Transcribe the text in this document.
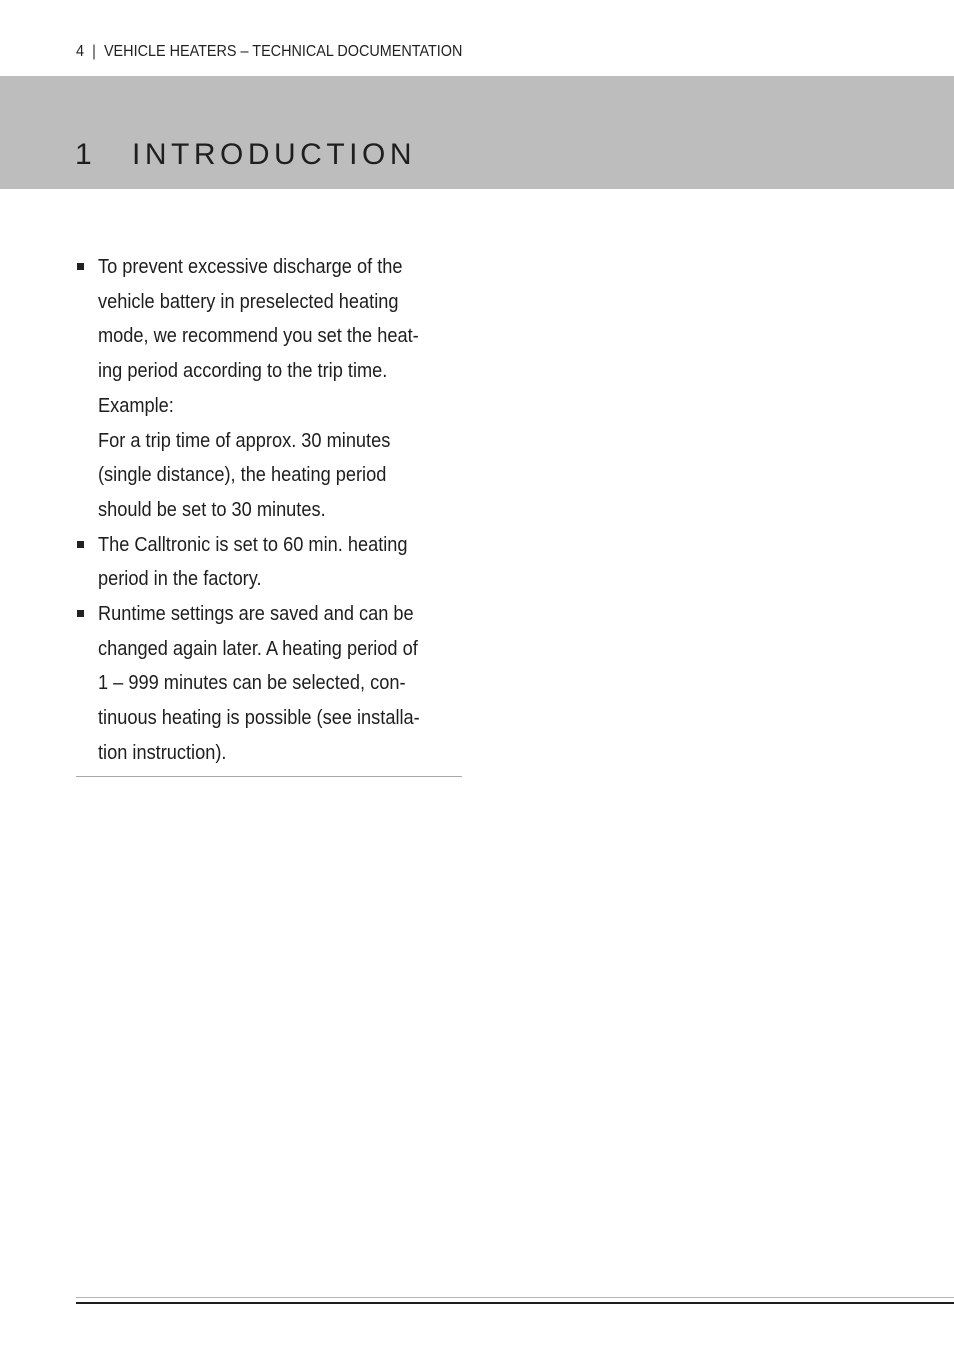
4 | VEHICLE HEATERS – TECHNICAL DOCUMENTATION
1 INTRODUCTION
To prevent excessive discharge of the
vehicle battery in preselected heating
mode, we recommend you set the heat-
ing period according to the trip time.
Example:
For a trip time of approx. 30 minutes
(single distance), the heating period
should be set to 30 minutes.
The Calltronic is set to 60 min. heating
period in the factory.
Runtime settings are saved and can be
changed again later. A heating period of
1 – 999 minutes can be selected, con-
tinuous heating is possible (see installa-
tion instruction).
